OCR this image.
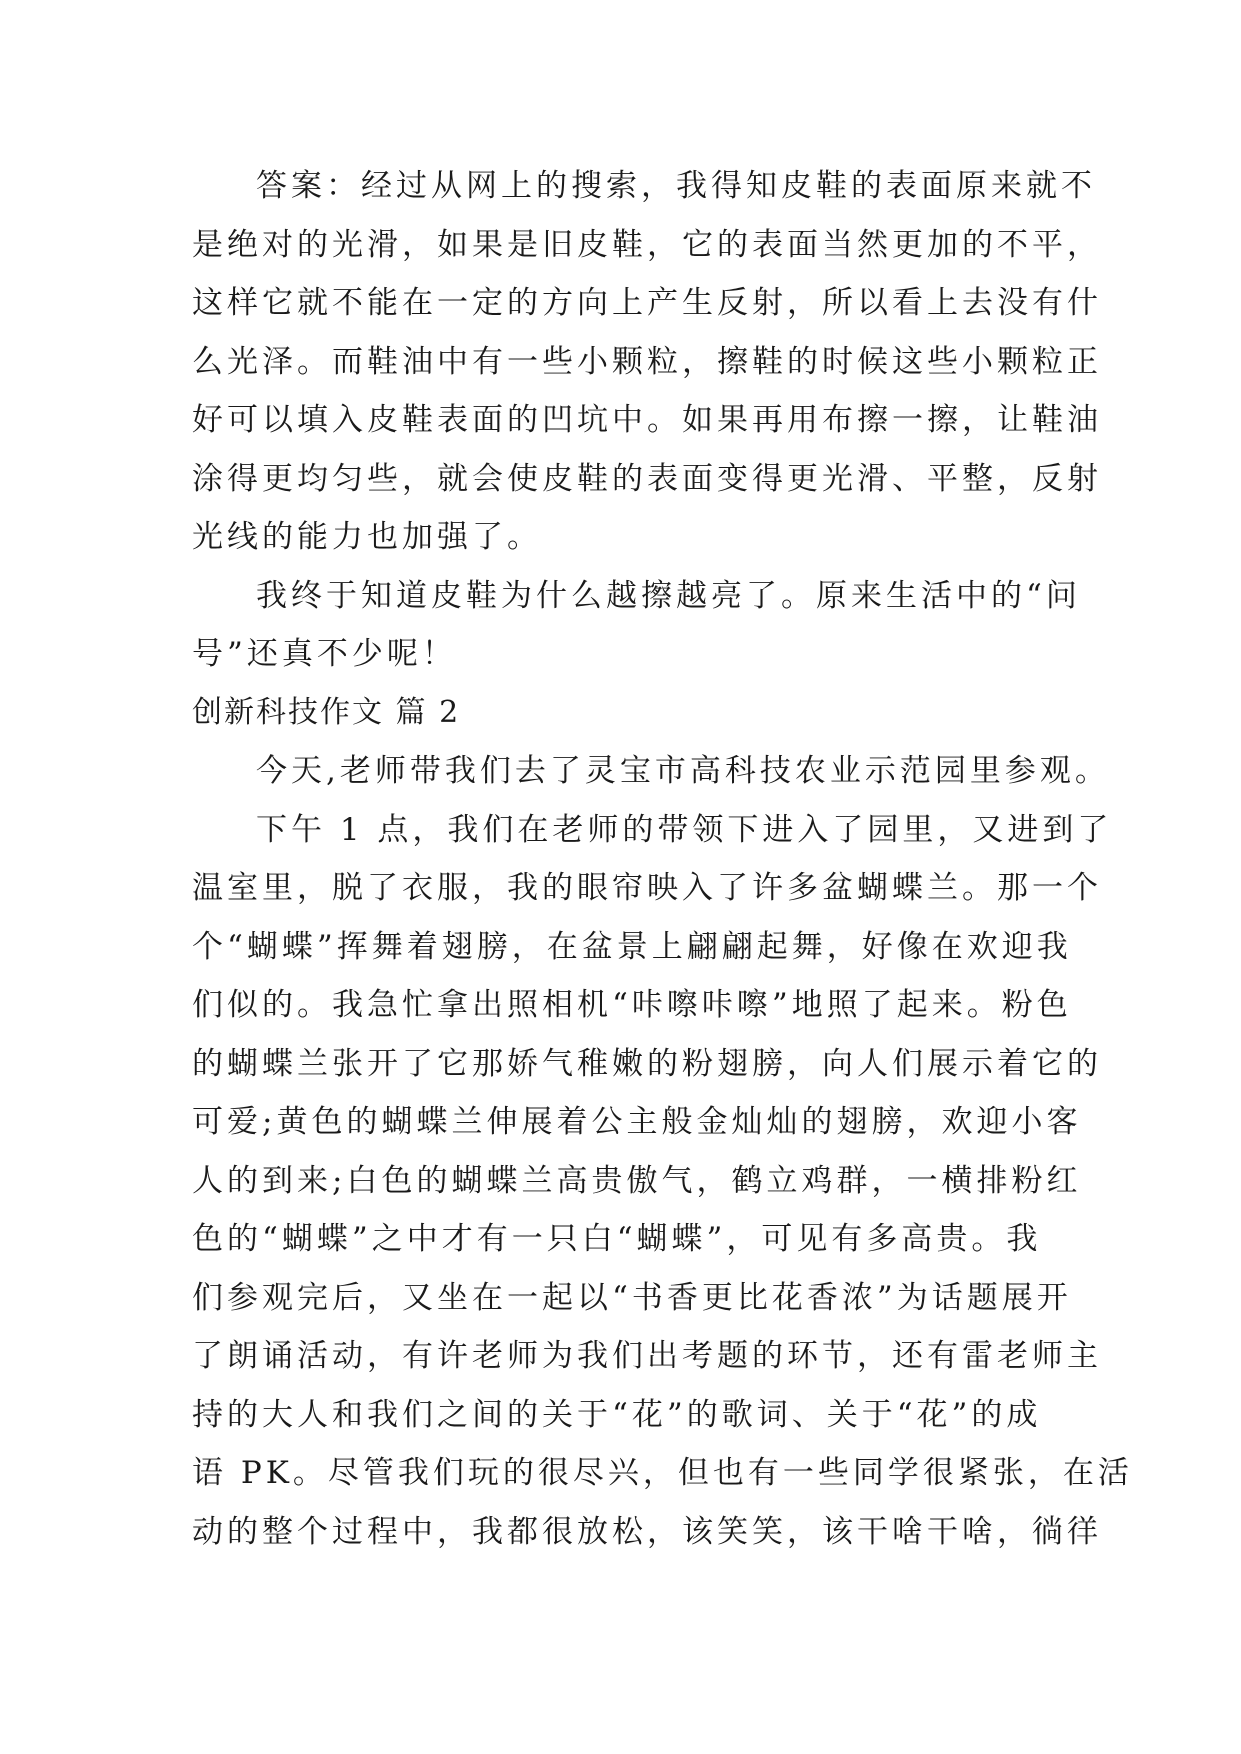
答案：经过从网上的搜索，我得知皮鞋的表面原来就不
是绝对的光滑，如果是旧皮鞋，它的表面当然更加的不平，
这样它就不能在一定的方向上产生反射，所以看上去没有什
么光泽。而鞋油中有一些小颗粒，擦鞋的时候这些小颗粒正
好可以填入皮鞋表面的凹坑中。如果再用布擦一擦，让鞋油
涂得更均匀些，就会使皮鞋的表面变得更光滑、平整，反射
光线的能力也加强了。
我终于知道皮鞋为什么越擦越亮了。原来生活中的“问
号”还真不少呢！
创新科技作文 篇 2
今天,老师带我们去了灵宝市高科技农业示范园里参观。
下午 1 点，我们在老师的带领下进入了园里，又进到了
温室里，脱了衣服，我的眼帘映入了许多盆蝴蝶兰。那一个
个“蝴蝶”挥舞着翅膀，在盆景上翩翩起舞，好像在欢迎我
们似的。我急忙拿出照相机“咔嚓咔嚓”地照了起来。粉色
的蝴蝶兰张开了它那娇气稚嫩的粉翅膀，向人们展示着它的
可爱;黄色的蝴蝶兰伸展着公主般金灿灿的翅膀，欢迎小客
人的到来;白色的蝴蝶兰高贵傲气，鹤立鸡群，一横排粉红
色的“蝴蝶”之中才有一只白“蝴蝶”，可见有多高贵。我
们参观完后，又坐在一起以“书香更比花香浓”为话题展开
了朗诵活动，有许老师为我们出考题的环节，还有雷老师主
持的大人和我们之间的关于“花”的歌词、关于“花”的成
语 PK。尽管我们玩的很尽兴，但也有一些同学很紧张，在活
动的整个过程中，我都很放松，该笑笑，该干啥干啥，徜徉
